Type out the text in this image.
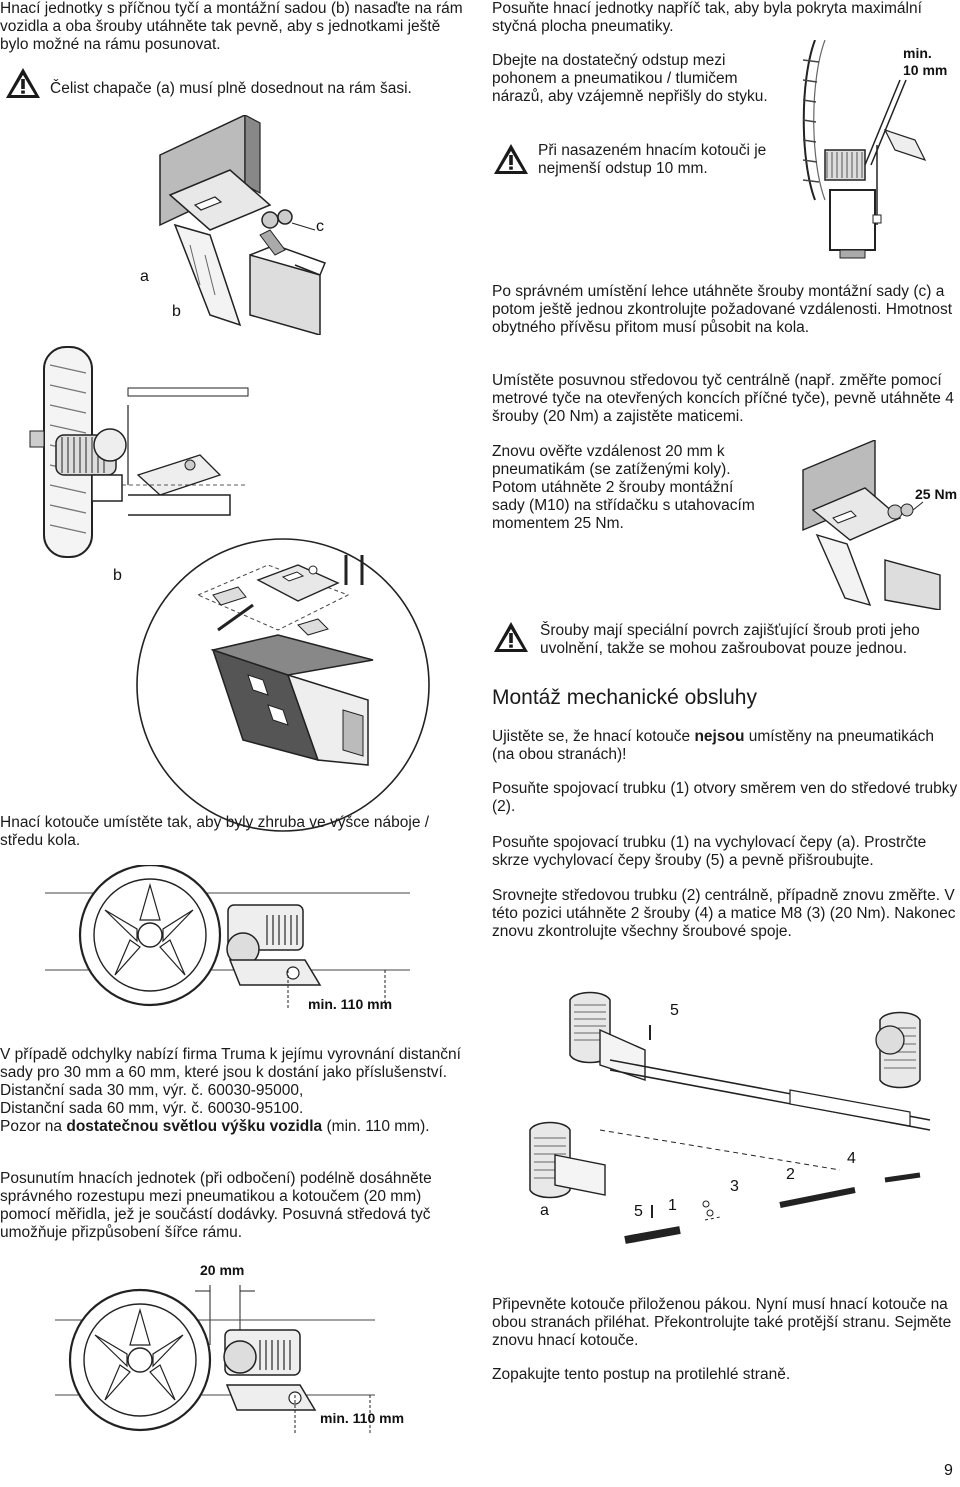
Hnací jednotky s příčnou tyčí a montážní sadou (b) nasaďte na rám vozidla a oba šrouby utáhněte tak pevně, aby s jednotkami ještě bylo možné na rámu posunovat.

Čelist chapače (a) musí plně dosednout na rám šasi.

Hnací kotouče umístěte tak, aby byly zhruba ve výšce náboje / středu kola.

V případě odchylky nabízí firma Truma k jejímu vyrovnání distanční sady pro 30 mm a 60 mm, které jsou k dostání jako příslušenství.

Distanční sada 30 mm, výr. č. 60030-95000,

Distanční sada 60 mm, výr. č. 60030-95100.

Pozor na dostatečnou světlou výšku vozidla (min. 110 mm).

Posunutím hnacích jednotek (při odbočení) podélně dosáhněte správného rozestupu mezi pneumatikou a kotoučem (20 mm) pomocí měřidla, jež je součástí dodávky. Posuvná středová tyč umožňuje přizpůsobení šířce rámu.

Posuňte hnací jednotky napříč tak, aby byla pokryta maximální styčná plocha pneumatiky.

Dbejte na dostatečný odstup mezi pohonem a pneumatikou / tlumičem nárazů, aby vzájemně nepřišly do styku.

Při nasazeném hnacím kotouči je nejmenší odstup 10 mm.

Po správném umístění lehce utáhněte šrouby montážní sady (c) a potom ještě jednou zkontrolujte požadované vzdálenosti. Hmotnost obytného přívěsu přitom musí působit na kola.

Umístěte posuvnou středovou tyč centrálně (např. změřte pomocí metrové tyče na otevřených koncích příčné tyče), pevně utáhněte 4 šrouby (20 Nm) a zajistěte maticemi.

Znovu ověřte vzdálenost 20 mm k pneumatikám (se zatíženými koly). Potom utáhněte 2 šrouby montážní sady (M10) na střídačku s utahovacím momentem 25 Nm.

Šrouby mají speciální povrch zajišťující šroub proti jeho uvolnění, takže se mohou zašroubovat pouze jednou.

Montáž mechanické obsluhy

Ujistěte se, že hnací kotouče nejsou umístěny na pneumatikách (na obou stranách)!

Posuňte spojovací trubku (1) otvory směrem ven do středové trubky (2).

Posuňte spojovací trubku (1) na vychylovací čepy (a). Prostrčte skrze vychylovací čepy šrouby (5) a pevně přišroubujte.

Srovnejte středovou trubku (2) centrálně, případně znovu změřte. V této pozici utáhněte 2 šrouby (4) a matice M8 (3) (20 Nm). Nakonec znovu zkontrolujte všechny šroubové spoje.

Připevněte kotouče přiloženou pákou. Nyní musí hnací kotouče na obou stranách přiléhat. Překontrolujte také protější stranu. Sejměte znovu hnací kotouče.

Zopakujte tento postup na protilehlé straně.

min.
10 mm
c
a
b
25 Nm
b
min. 110 mm	5
4
3
2
1
5
a
20 mm
min. 110 mm
9
